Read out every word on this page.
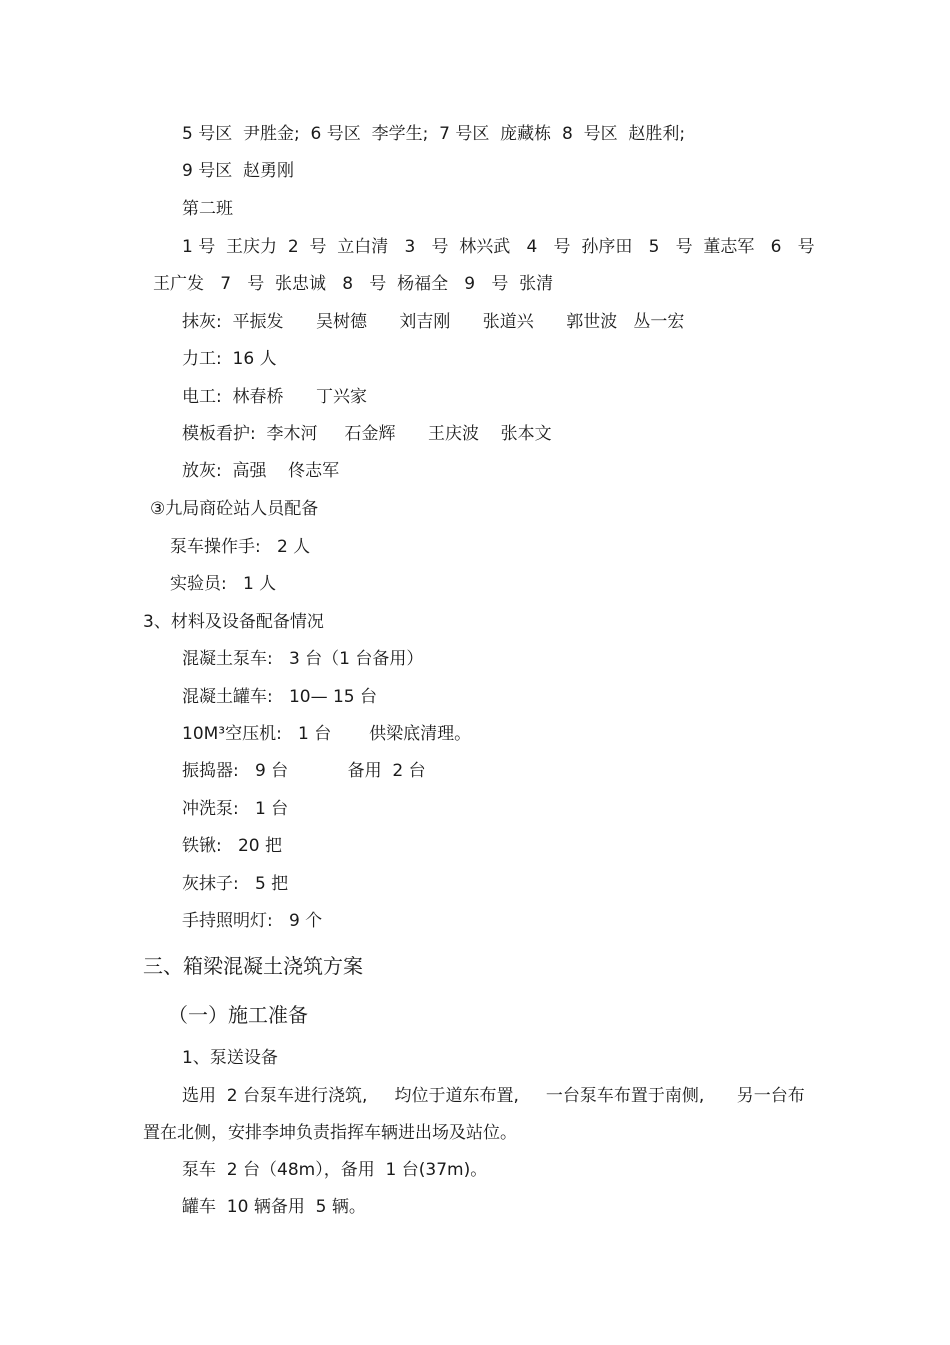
5 号区  尹胜金;  6 号区  李学生;  7 号区  庞藏栋  8  号区  赵胜利;
9 号区  赵勇刚
第二班
1 号  王庆力  2  号  立白清   3   号  林兴武   4   号  孙序田   5   号  董志军   6   号
王广发   7   号  张忠诚   8   号  杨福全   9   号  张清
抹灰:  平振发      吴树德      刘吉刚      张道兴      郭世波   丛一宏
力工:  16 人
电工:  林春桥      丁兴家
模板看护:  李木河     石金辉      王庆波    张本文
放灰:  高强    佟志军
③九局商砼站人员配备
泵车操作手:   2 人
实验员:   1 人
3、材料及设备配备情况
混凝土泵车:   3 台（1 台备用）
混凝土罐车:   10— 15 台
10M³空压机:   1 台       供梁底清理。
振捣器:   9 台           备用  2 台
冲洗泵:   1 台
铁锹:   20 把
灰抹子:   5 把
手持照明灯:   9 个
三、箱梁混凝土浇筑方案
（一）施工准备
1、泵送设备
选用  2 台泵车进行浇筑,     均位于道东布置,     一台泵车布置于南侧,      另一台布
置在北侧，安排李坤负责指挥车辆进出场及站位。
泵车  2 台（48m），备用  1 台(37m)。
罐车  10 辆备用  5 辆。
